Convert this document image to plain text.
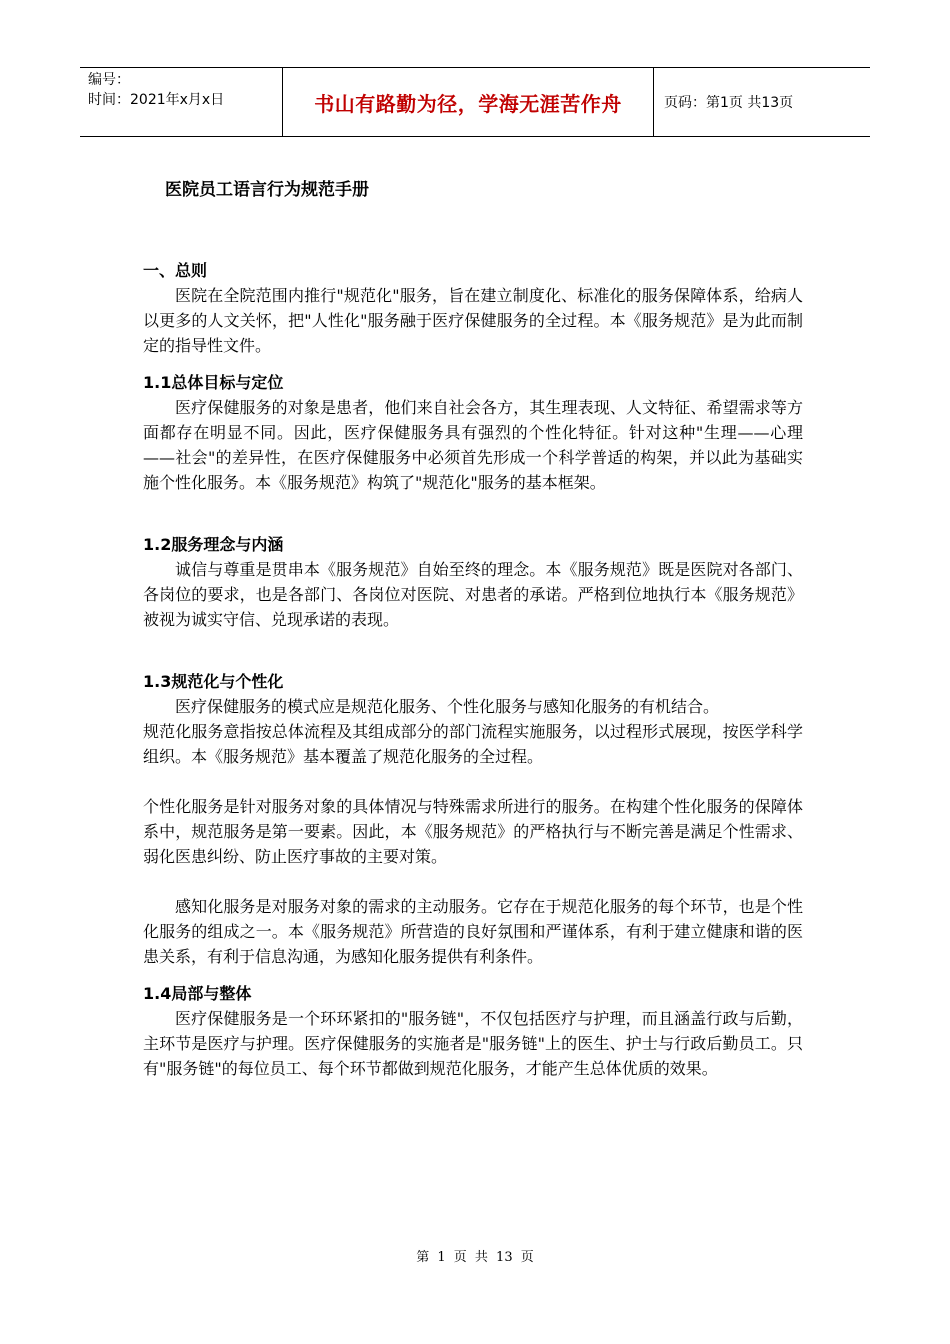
编号：
时间：2021年x月x日	书山有路勤为径，学海无涯苦作舟	页码：第1页 共13页
医院员工语言行为规范手册
一、总则

医院在全院范围内推行"规范化"服务，旨在建立制度化、标准化的服务保障体系，给病人以更多的人文关怀，把"人性化"服务融于医疗保健服务的全过程。本《服务规范》是为此而制定的指导性文件。

1.1总体目标与定位

医疗保健服务的对象是患者，他们来自社会各方，其生理表现、人文特征、希望需求等方面都存在明显不同。因此，医疗保健服务具有强烈的个性化特征。针对这种"生理——心理——社会"的差异性，在医疗保健服务中必须首先形成一个科学普适的构架，并以此为基础实施个性化服务。本《服务规范》构筑了"规范化"服务的基本框架。

1.2服务理念与内涵

诚信与尊重是贯串本《服务规范》自始至终的理念。本《服务规范》既是医院对各部门、各岗位的要求，也是各部门、各岗位对医院、对患者的承诺。严格到位地执行本《服务规范》被视为诚实守信、兑现承诺的表现。

1.3规范化与个性化

医疗保健服务的模式应是规范化服务、个性化服务与感知化服务的有机结合。

规范化服务意指按总体流程及其组成部分的部门流程实施服务，以过程形式展现，按医学科学组织。本《服务规范》基本覆盖了规范化服务的全过程。

个性化服务是针对服务对象的具体情况与特殊需求所进行的服务。在构建个性化服务的保障体系中，规范服务是第一要素。因此，本《服务规范》的严格执行与不断完善是满足个性需求、弱化医患纠纷、防止医疗事故的主要对策。

感知化服务是对服务对象的需求的主动服务。它存在于规范化服务的每个环节，也是个性化服务的组成之一。本《服务规范》所营造的良好氛围和严谨体系，有利于建立健康和谐的医患关系，有利于信息沟通，为感知化服务提供有利条件。

1.4局部与整体

医疗保健服务是一个环环紧扣的"服务链"，不仅包括医疗与护理，而且涵盖行政与后勤，主环节是医疗与护理。医疗保健服务的实施者是"服务链"上的医生、护士与行政后勤员工。只有"服务链"的每位员工、每个环节都做到规范化服务，才能产生总体优质的效果。

第 1 页 共 13 页
